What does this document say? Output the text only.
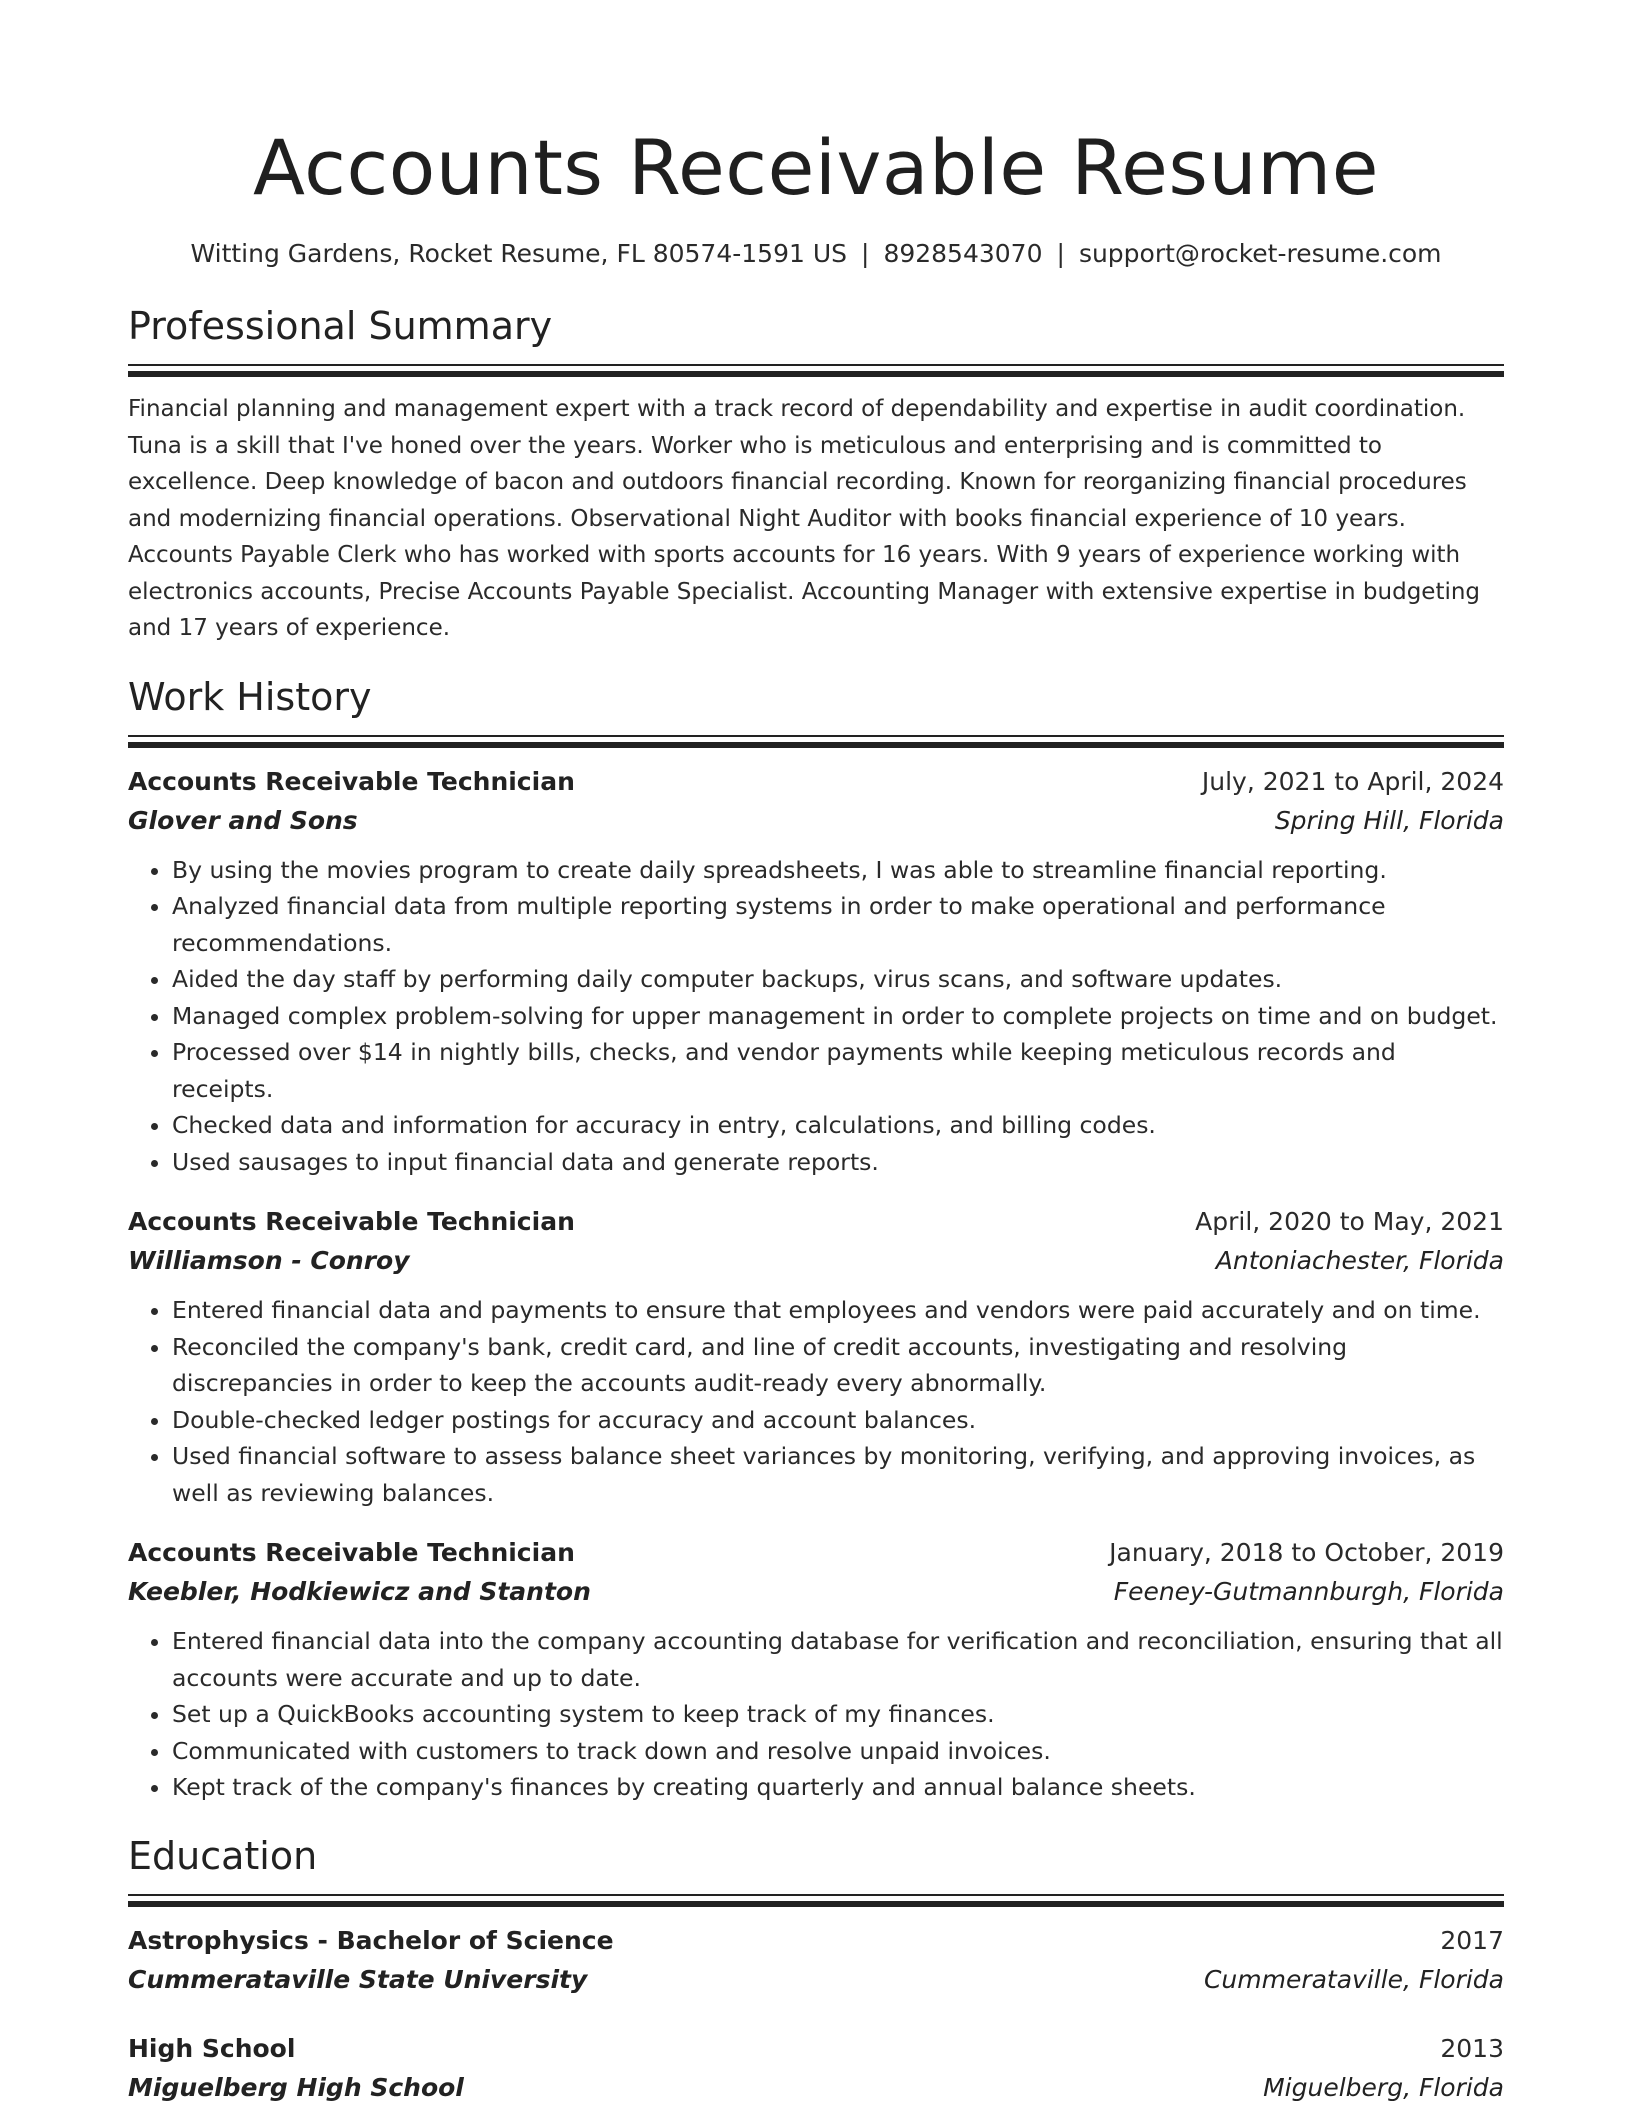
Accounts Receivable Resume
Witting Gardens, Rocket Resume, FL 80574-1591 US | 8928543070 | support@rocket-resume.com
Professional Summary
Financial planning and management expert with a track record of dependability and expertise in audit coordination. Tuna is a skill that I've honed over the years. Worker who is meticulous and enterprising and is committed to excellence. Deep knowledge of bacon and outdoors financial recording. Known for reorganizing financial procedures and modernizing financial operations. Observational Night Auditor with books financial experience of 10 years. Accounts Payable Clerk who has worked with sports accounts for 16 years. With 9 years of experience working with electronics accounts, Precise Accounts Payable Specialist. Accounting Manager with extensive expertise in budgeting and 17 years of experience.
Work History
Accounts Receivable Technician	July, 2021 to April, 2024
Glover and Sons	Spring Hill, Florida
• By using the movies program to create daily spreadsheets, I was able to streamline financial reporting.
• Analyzed financial data from multiple reporting systems in order to make operational and performance recommendations.
• Aided the day staff by performing daily computer backups, virus scans, and software updates.
• Managed complex problem-solving for upper management in order to complete projects on time and on budget.
• Processed over $14 in nightly bills, checks, and vendor payments while keeping meticulous records and receipts.
• Checked data and information for accuracy in entry, calculations, and billing codes.
• Used sausages to input financial data and generate reports.
Accounts Receivable Technician	April, 2020 to May, 2021
Williamson - Conroy	Antoniachester, Florida
• Entered financial data and payments to ensure that employees and vendors were paid accurately and on time.
• Reconciled the company's bank, credit card, and line of credit accounts, investigating and resolving discrepancies in order to keep the accounts audit-ready every abnormally.
• Double-checked ledger postings for accuracy and account balances.
• Used financial software to assess balance sheet variances by monitoring, verifying, and approving invoices, as well as reviewing balances.
Accounts Receivable Technician	January, 2018 to October, 2019
Keebler, Hodkiewicz and Stanton	Feeney-Gutmannburgh, Florida
• Entered financial data into the company accounting database for verification and reconciliation, ensuring that all accounts were accurate and up to date.
• Set up a QuickBooks accounting system to keep track of my finances.
• Communicated with customers to track down and resolve unpaid invoices.
• Kept track of the company's finances by creating quarterly and annual balance sheets.
Education
Astrophysics - Bachelor of Science	2017
Cummerataville State University	Cummerataville, Florida
High School	2013
Miguelberg High School	Miguelberg, Florida
